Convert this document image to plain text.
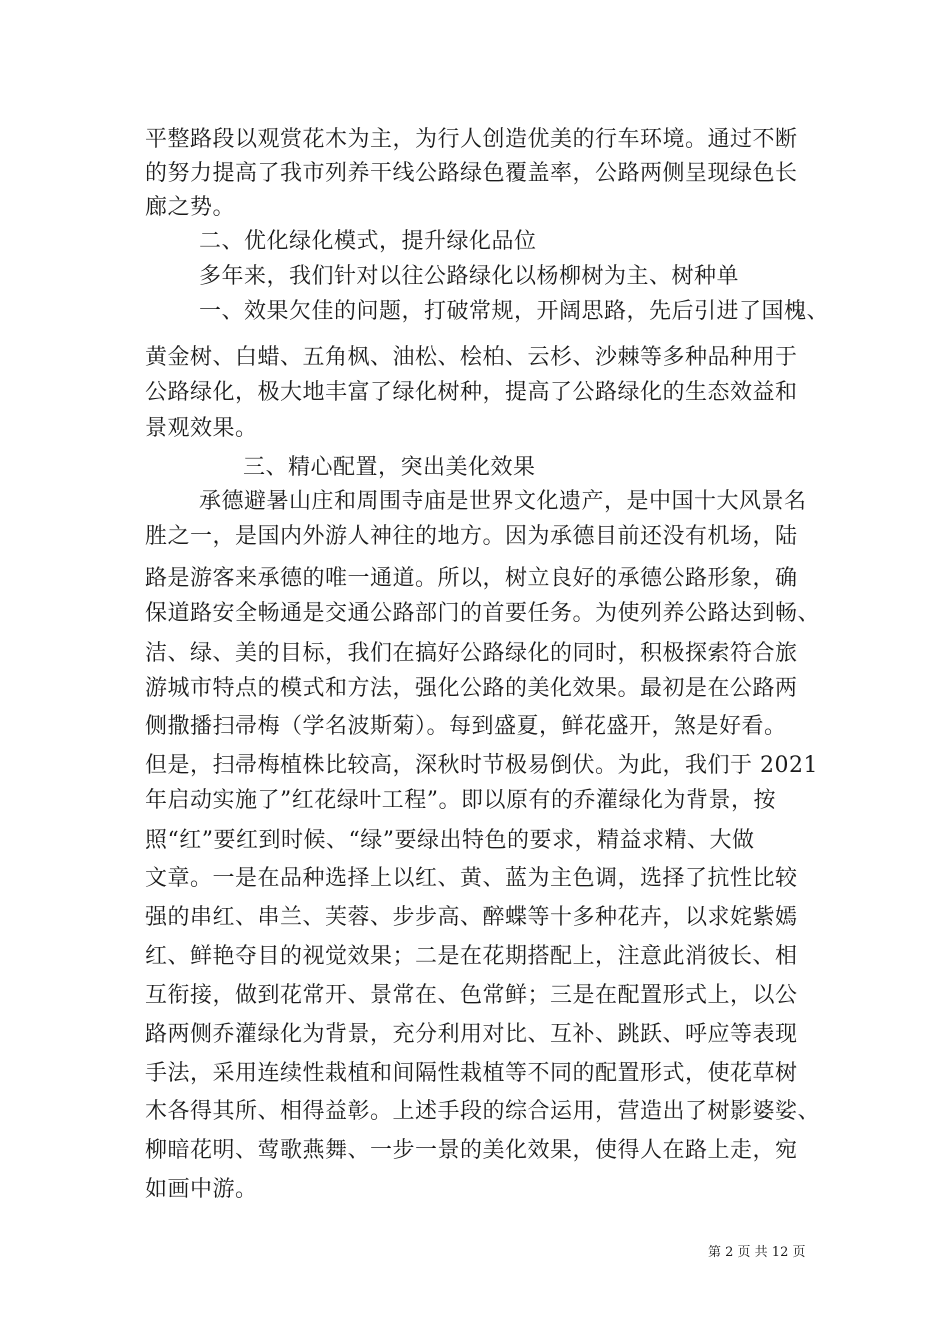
平整路段以观赏花木为主，为行人创造优美的行车环境。通过不断
的努力提高了我市列养干线公路绿色覆盖率，公路两侧呈现绿色长
廊之势。
二、优化绿化模式，提升绿化品位
多年来，我们针对以往公路绿化以杨柳树为主、树种单
一、效果欠佳的问题，打破常规，开阔思路，先后引进了国槐、
黄金树、白蜡、五角枫、油松、桧柏、云杉、沙棘等多种品种用于
公路绿化，极大地丰富了绿化树种，提高了公路绿化的生态效益和
景观效果。
三、精心配置，突出美化效果
承德避暑山庄和周围寺庙是世界文化遗产，是中国十大风景名
胜之一，是国内外游人神往的地方。因为承德目前还没有机场，陆
路是游客来承德的唯一通道。所以，树立良好的承德公路形象，确
保道路安全畅通是交通公路部门的首要任务。为使列养公路达到畅、
洁、绿、美的目标，我们在搞好公路绿化的同时，积极探索符合旅
游城市特点的模式和方法，强化公路的美化效果。最初是在公路两
侧撒播扫帚梅（学名波斯菊）。每到盛夏，鲜花盛开，煞是好看。
但是，扫帚梅植株比较高，深秋时节极易倒伏。为此，我们于 2021
年启动实施了”红花绿叶工程”。即以原有的乔灌绿化为背景，按
照“红”要红到时候、“绿”要绿出特色的要求，精益求精、大做
文章。一是在品种选择上以红、黄、蓝为主色调，选择了抗性比较
强的串红、串兰、芙蓉、步步高、醉蝶等十多种花卉，以求姹紫嫣
红、鲜艳夺目的视觉效果；二是在花期搭配上，注意此消彼长、相
互衔接，做到花常开、景常在、色常鲜；三是在配置形式上，以公
路两侧乔灌绿化为背景，充分利用对比、互补、跳跃、呼应等表现
手法，采用连续性栽植和间隔性栽植等不同的配置形式，使花草树
木各得其所、相得益彰。上述手段的综合运用，营造出了树影婆娑、
柳暗花明、莺歌燕舞、一步一景的美化效果，使得人在路上走，宛
如画中游。
第 2 页 共 12 页
